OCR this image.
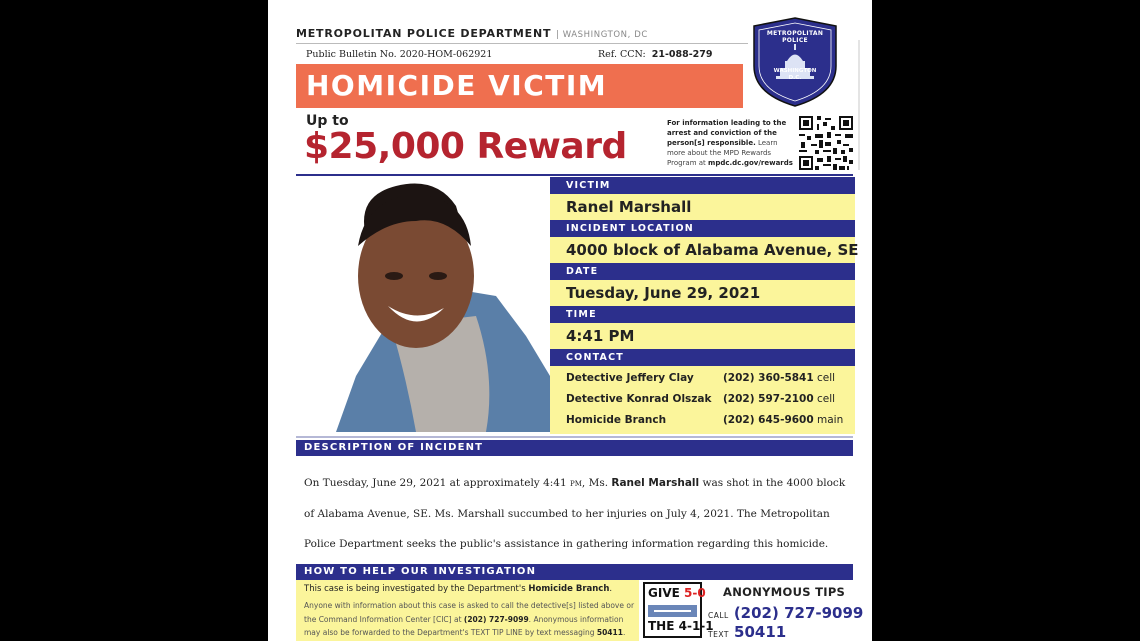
METROPOLITAN POLICE DEPARTMENT | WASHINGTON, DC
Public Bulletin No. 2020-HOM-062921	Ref. CCN: 21-088-279
HOMICIDE VICTIM
METROPOLITAN POLICE
WASHINGTON D.C.
Up to
$25,000 Reward
For information leading to the arrest and conviction of the person[s] responsible. Learn more about the MPD Rewards Program at mpdc.dc.gov/rewards
VICTIM
Ranel Marshall
INCIDENT LOCATION
4000 block of Alabama Avenue, SE
DATE
Tuesday, June 29, 2021
TIME
4:41 PM
CONTACT
Detective Jeffery Clay	(202) 360-5841 cell
Detective Konrad Olszak (202) 597-2100 cell
Homicide Branch	(202) 645-9600 main
DESCRIPTION OF INCIDENT
On Tuesday, June 29, 2021 at approximately 4:41 pm, Ms. Ranel Marshall was shot in the 4000 block of Alabama Avenue, SE. Ms. Marshall succumbed to her injuries on July 4, 2021. The Metropolitan Police Department seeks the public's assistance in gathering information regarding this homicide.
HOW TO HELP OUR INVESTIGATION
This case is being investigated by the Department's Homicide Branch.
Anyone with information about this case is asked to call the detective[s] listed above or the Command Information Center [CIC] at (202) 727-9099. Anonymous information may also be forwarded to the Department's TEXT TIP LINE by text messaging 50411.
GIVE 5-0
THE 4-1-1
ANONYMOUS TIPS
CALL (202) 727-9099
TEXT 50411
